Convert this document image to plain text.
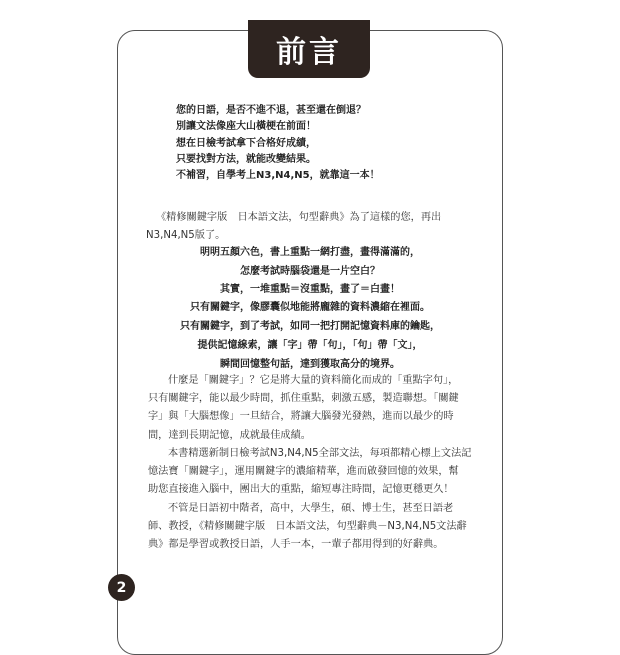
前言
您的日語，是否不進不退，甚至還在倒退？
別讓文法像座大山橫梗在前面！
想在日檢考試拿下合格好成績，
只要找對方法，就能改變結果。
不補習，自學考上N3,N4,N5，就靠這一本！
《精修關鍵字版　日本語文法，句型辭典》為了這樣的您，再出
N3,N4,N5版了。
明明五顏六色，書上重點一網打盡，畫得滿滿的，
怎麼考試時腦袋還是一片空白？
其實，一堆重點＝沒重點，畫了＝白畫！
只有關鍵字，像膠囊似地能將龐雜的資料濃縮在裡面。
只有關鍵字，到了考試，如同一把打開記憶資料庫的鑰匙，
提供記憶線索，讓「字」帶「句」，「句」帶「文」，
瞬間回憶整句話，達到獲取高分的境界。
什麼是「關鍵字」？它是將大量的資料簡化而成的「重點字句」，
只有關鍵字，能以最少時間，抓住重點，刺激五感，製造聯想。「關鍵
字」與「大腦想像」一旦結合，將讓大腦發光發熱，進而以最少的時
間，達到長期記憶，成就最佳成績。
本書精選新制日檢考試N3,N4,N5全部文法，每項都精心標上文法記
憶法寶「關鍵字」，運用關鍵字的濃縮精華，進而啟發回憶的效果，幫
助您直接進入腦中，團出大的重點，縮短專注時間，記憶更穩更久！
不管是日語初中階者，高中，大學生，碩、博士生，甚至日語老
師、教授，《精修關鍵字版　日本語文法，句型辭典－N3,N4,N5文法辭
典》都是學習或教授日語，人手一本，一輩子都用得到的好辭典。
2
